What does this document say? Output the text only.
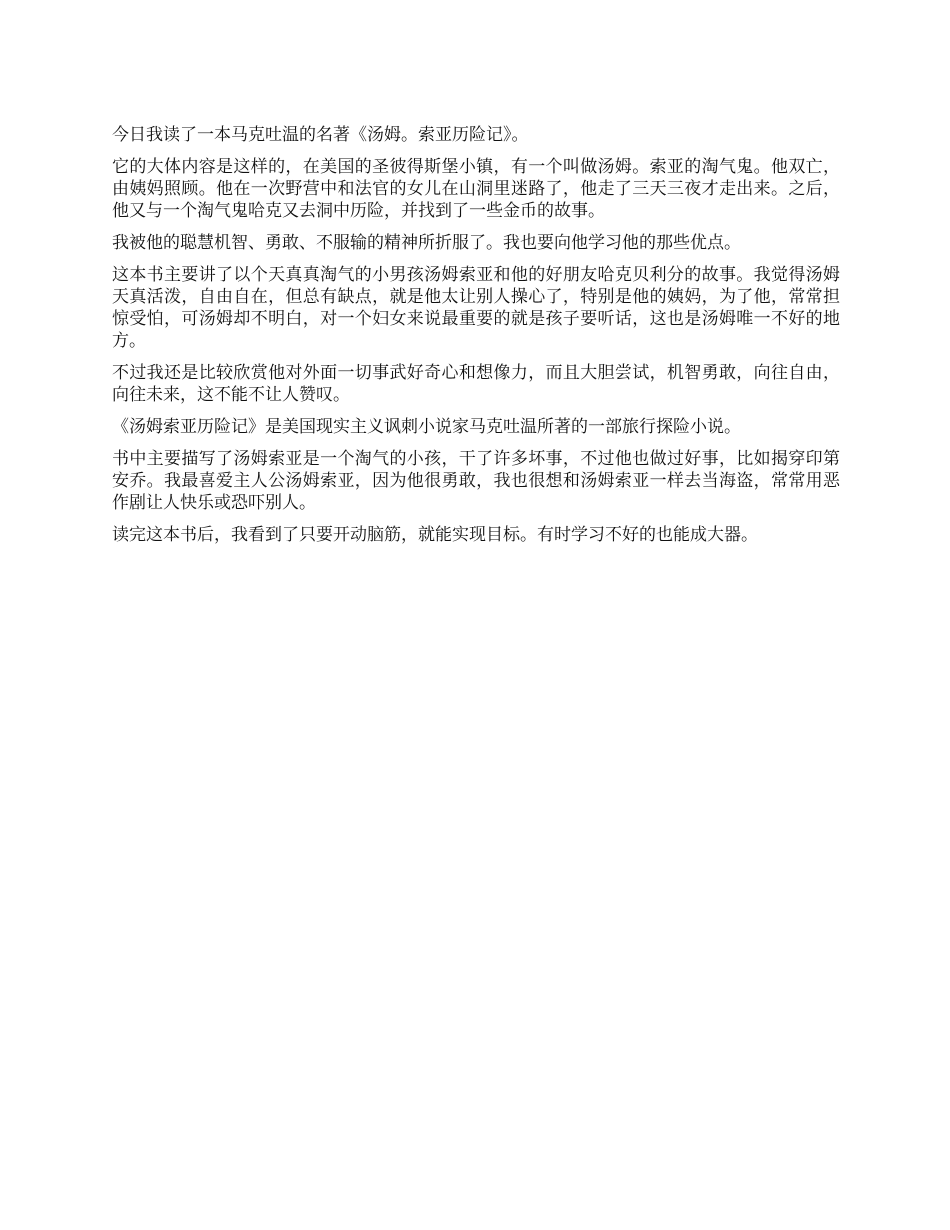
今日我读了一本马克吐温的名著《汤姆。索亚历险记》。

它的大体内容是这样的，在美国的圣彼得斯堡小镇，有一个叫做汤姆。索亚的淘气鬼。他双亡，由姨妈照顾。他在一次野营中和法官的女儿在山洞里迷路了，他走了三天三夜才走出来。之后，他又与一个淘气鬼哈克又去洞中历险，并找到了一些金币的故事。

我被他的聪慧机智、勇敢、不服输的精神所折服了。我也要向他学习他的那些优点。

这本书主要讲了以个天真真淘气的小男孩汤姆索亚和他的好朋友哈克贝利分的故事。我觉得汤姆天真活泼，自由自在，但总有缺点，就是他太让别人操心了，特别是他的姨妈，为了他，常常担惊受怕，可汤姆却不明白，对一个妇女来说最重要的就是孩子要听话，这也是汤姆唯一不好的地方。

不过我还是比较欣赏他对外面一切事武好奇心和想像力，而且大胆尝试，机智勇敢，向往自由，向往未来，这不能不让人赞叹。

《汤姆索亚历险记》是美国现实主义讽刺小说家马克吐温所著的一部旅行探险小说。

书中主要描写了汤姆索亚是一个淘气的小孩，干了许多坏事，不过他也做过好事，比如揭穿印第安乔。我最喜爱主人公汤姆索亚，因为他很勇敢，我也很想和汤姆索亚一样去当海盗，常常用恶作剧让人快乐或恐吓别人。

读完这本书后，我看到了只要开动脑筋，就能实现目标。有时学习不好的也能成大器。
